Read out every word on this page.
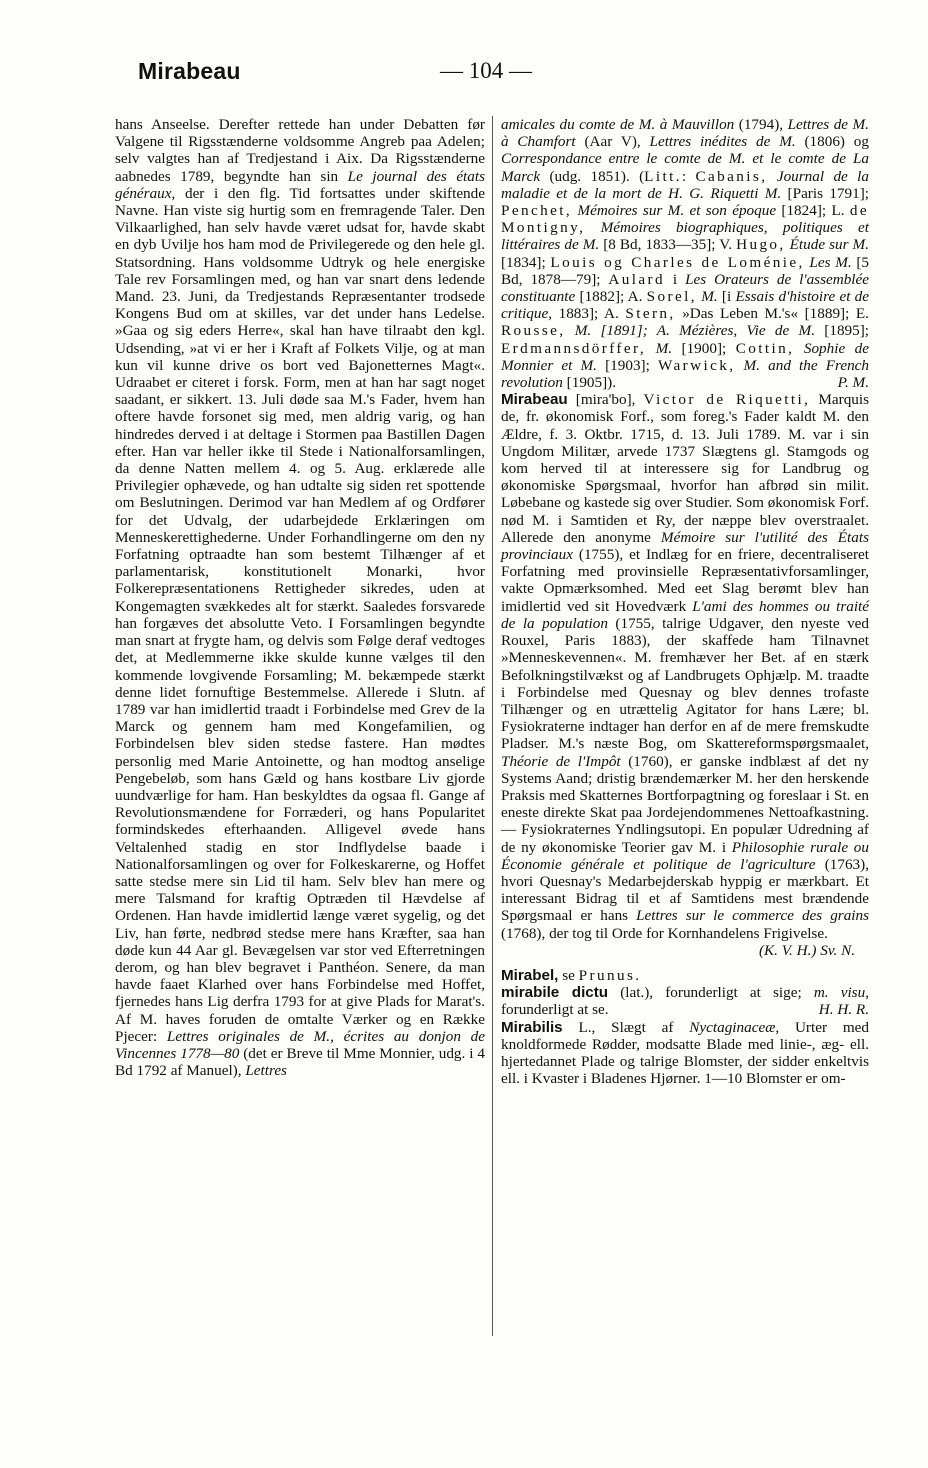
Mirabeau	— 104 —

hans Anseelse. Derefter rettede han under Debatten før Valgene til Rigsstænderne voldsomme Angreb paa Adelen; selv valgtes han af Tredjestand i Aix. Da Rigsstænderne aabnedes 1789, begyndte han sin Le journal des états généraux, der i den flg. Tid fortsattes under skiftende Navne. Han viste sig hurtig som en fremragende Taler. Den Vilkaarlighed, han selv havde været udsat for, havde skabt en dyb Uvilje hos ham mod de Privilegerede og den hele gl. Statsordning. Hans voldsomme Udtryk og hele energiske Tale rev Forsamlingen med, og han var snart dens ledende Mand. 23. Juni, da Tredjestands Repræsentanter trodsede Kongens Bud om at skilles, var det under hans Ledelse. »Gaa og sig eders Herre«, skal han have tilraabt den kgl. Udsending, »at vi er her i Kraft af Folkets Vilje, og at man kun vil kunne drive os bort ved Bajonetternes Magt«. Udraabet er citeret i forsk. Form, men at han har sagt noget saadant, er sikkert. 13. Juli døde saa M.'s Fader, hvem han oftere havde forsonet sig med, men aldrig varig, og han hindredes derved i at deltage i Stormen paa Bastillen Dagen efter. Han var heller ikke til Stede i Nationalforsamlingen, da denne Natten mellem 4. og 5. Aug. erklærede alle Privilegier ophævede, og han udtalte sig siden ret spottende om Beslutningen. Derimod var han Medlem af og Ordfører for det Udvalg, der udarbejdede Erklæringen om Menneskerettighederne. Under Forhandlingerne om den ny Forfatning optraadte han som bestemt Tilhænger af et parlamentarisk, konstitutionelt Monarki, hvor Folkerepræsentationens Rettigheder sikredes, uden at Kongemagten svækkedes alt for stærkt. Saaledes forsvarede han forgæves det absolutte Veto. I Forsamlingen begyndte man snart at frygte ham, og delvis som Følge deraf vedtoges det, at Medlemmerne ikke skulde kunne vælges til den kommende lovgivende Forsamling; M. bekæmpede stærkt denne lidet fornuftige Bestemmelse. Allerede i Slutn. af 1789 var han imidlertid traadt i Forbindelse med Grev de la Marck og gennem ham med Kongefamilien, og Forbindelsen blev siden stedse fastere. Han mødtes personlig med Marie Antoinette, og han modtog anselige Pengebeløb, som hans Gæld og hans kostbare Liv gjorde uundværlige for ham. Han beskyldtes da ogsaa fl. Gange af Revolutionsmændene for Forræderi, og hans Popularitet formindskedes efterhaanden. Alligevel øvede hans Veltalenhed stadig en stor Indflydelse baade i Nationalforsamlingen og over for Folkeskarerne, og Hoffet satte stedse mere sin Lid til ham. Selv blev han mere og mere Talsmand for kraftig Optræden til Hævdelse af Ordenen. Han havde imidlertid længe været sygelig, og det Liv, han førte, nedbrød stedse mere hans Kræfter, saa han døde kun 44 Aar gl. Bevægelsen var stor ved Efterretningen derom, og han blev begravet i Panthéon. Senere, da man havde faaet Klarhed over hans Forbindelse med Hoffet, fjernedes hans Lig derfra 1793 for at give Plads for Marat's. Af M. haves foruden de omtalte Værker og en Række Pjecer: Lettres originales de M., écrites au donjon de Vincennes 1778—80 (det er Breve til Mme Monnier, udg. i 4 Bd 1792 af Manuel), Lettres

amicales du comte de M. à Mauvillon (1794), Lettres de M. à Chamfort (Aar V), Lettres inédites de M. (1806) og Correspondance entre le comte de M. et le comte de La Marck (udg. 1851). (Litt.: Cabanis, Journal de la maladie et de la mort de H. G. Riquetti M. [Paris 1791]; Penchet, Mémoires sur M. et son époque [1824]; L. de Montigny, Mémoires biographiques, politiques et littéraires de M. [8 Bd, 1833—35]; V. Hugo, Étude sur M. [1834]; Louis og Charles de Loménie, Les M. [5 Bd, 1878—79]; Aulard i Les Orateurs de l'assemblée constituante [1882]; A. Sorel, M. [i Essais d'histoire et de critique, 1883]; A. Stern, »Das Leben M.'s« [1889]; E. Rousse, M. [1891]; A. Mézières, Vie de M. [1895]; Erdmannsdörffer, M. [1900]; Cottin, Sophie de Monnier et M. [1903]; Warwick, M. and the French revolution [1905]).	P. M.

Mirabeau [mira'bo], Victor de Riquetti, Marquis de, fr. økonomisk Forf., som foreg.'s Fader kaldt M. den Ældre, f. 3. Oktbr. 1715, d. 13. Juli 1789. M. var i sin Ungdom Militær, arvede 1737 Slægtens gl. Stamgods og kom herved til at interessere sig for Landbrug og økonomiske Spørgsmaal, hvorfor han afbrød sin milit. Løbebane og kastede sig over Studier. Som økonomisk Forf. nød M. i Samtiden et Ry, der næppe blev overstraalet. Allerede den anonyme Mémoire sur l'utilité des États provinciaux (1755), et Indlæg for en friere, decentraliseret Forfatning med provinsielle Repræsentativforsamlinger, vakte Opmærksomhed. Med eet Slag berømt blev han imidlertid ved sit Hovedværk L'ami des hommes ou traité de la population (1755, talrige Udgaver, den nyeste ved Rouxel, Paris 1883), der skaffede ham Tilnavnet »Menneskevennen«. M. fremhæver her Bet. af en stærk Befolkningstilvækst og af Landbrugets Ophjælp. M. traadte i Forbindelse med Quesnay og blev dennes trofaste Tilhænger og en utrættelig Agitator for hans Lære; bl. Fysiokraterne indtager han derfor en af de mere fremskudte Pladser. M.'s næste Bog, om Skattereformspørgsmaalet, Théorie de l'Impôt (1760), er ganske indblæst af det ny Systems Aand; dristig brændemærker M. her den herskende Praksis med Skatternes Bortforpagtning og foreslaar i St. en eneste direkte Skat paa Jordejendommenes Nettoafkastning. — Fysiokraternes Yndlingsutopi. En populær Udredning af de ny økonomiske Teorier gav M. i Philosophie rurale ou Économie générale et politique de l'agriculture (1763), hvori Quesnay's Medarbejderskab hyppig er mærkbart. Et interessant Bidrag til et af Samtidens mest brændende Spørgsmaal er hans Lettres sur le commerce des grains (1768), der tog til Orde for Kornhandelens Frigivelse.

(K. V. H.) Sv. N.

Mirabel, se Prunus.

mirabile dictu (lat.), forunderligt at sige; m. visu, forunderligt at se.	H. H. R.

Mirabilis L., Slægt af Nyctaginaceæ, Urter med knoldformede Rødder, modsatte Blade med linie-, æg- ell. hjertedannet Plade og talrige Blomster, der sidder enkeltvis ell. i Kvaster i Bladenes Hjørner. 1—10 Blomster er om-
